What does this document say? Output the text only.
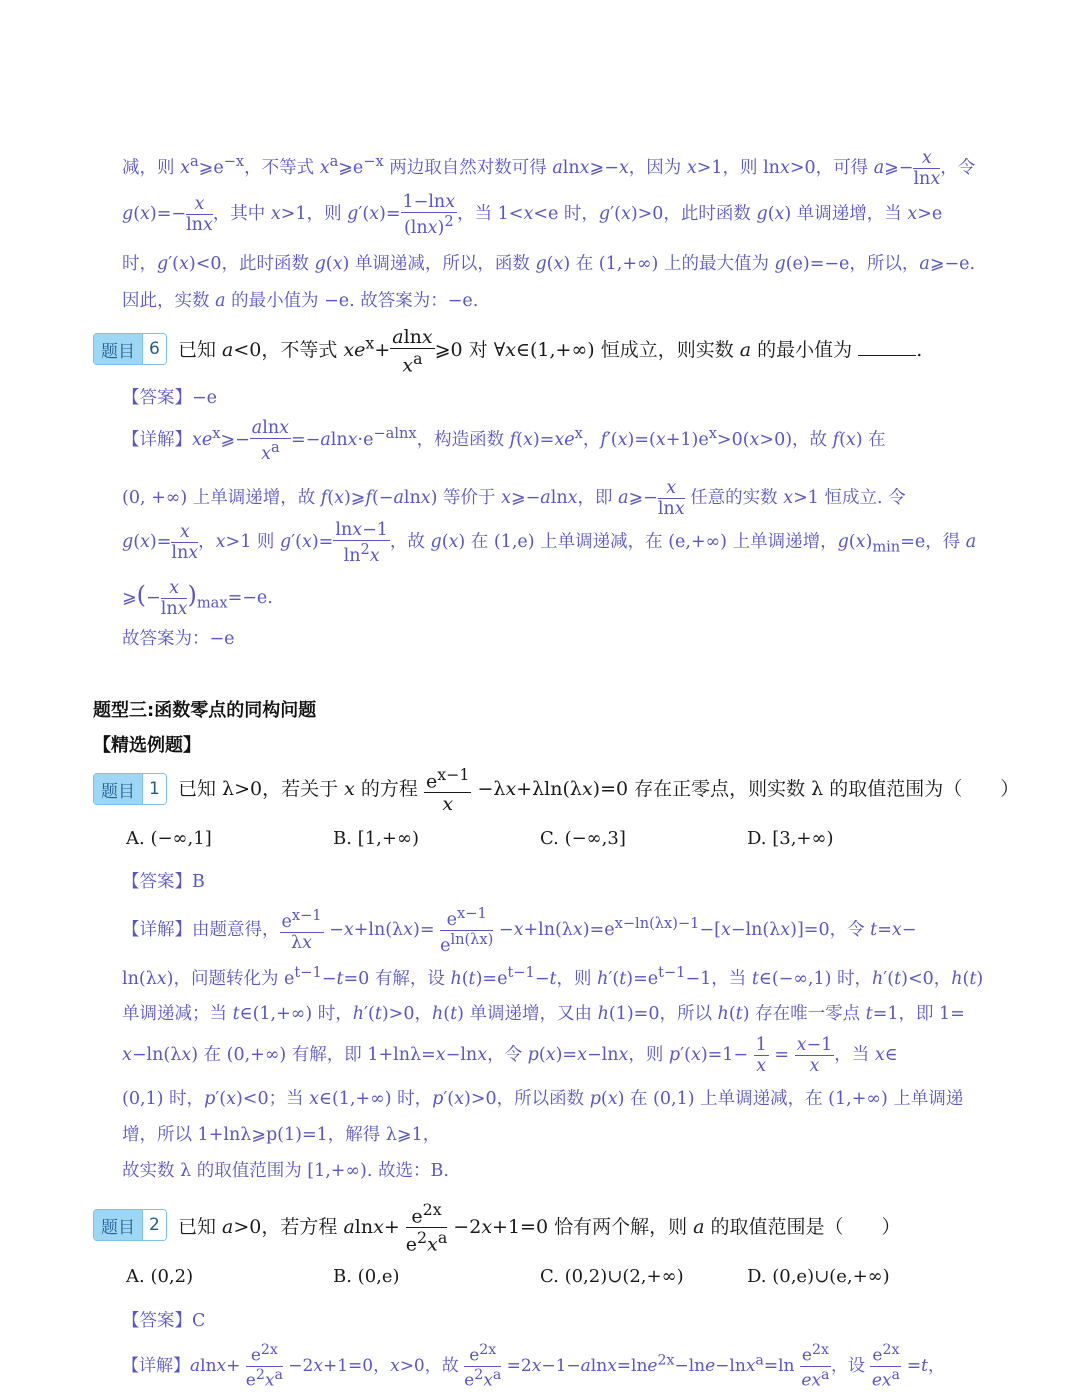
减，则 $x^a⩾e^{-x}$，不等式 $x^a⩾e^{-x}$ 两边取自然对数可得 alnx⩾−x，因为 x>1，则 lnx>0，可得 a⩾− $\frac{x}{\ln x}$ ，令
$g(x)=- \frac{x}{\ln x}$ ，其中 x>1，则 $g'(x)= \frac{1-\ln x}{(\ln x)^2}$ ，当 1<x<e 时，g′(x)>0，此时函数 g(x) 单调递增，当 x>e
时，g′(x)<0，此时函数 g(x) 单调递减，所以，函数 g(x) 在 (1,+∞) 上的最大值为 g(e)=−e，所以，a⩾−e.
因此，实数 a 的最小值为 −e. 故答案为：−e.
题目 6 已知 a<0，不等式 $xe^x+ \frac{alnx}{x^a}$ ⩾0 对 ∀x∈(1,+∞) 恒成立，则实数 a 的最小值为	.
【答案】−e
【详解】$xe^x⩾- \frac{alnx}{x^a} =-alnx\cdot e^{-alnx}$，构造函数 $f(x)=xe^x$，$f'(x)=(x+1)e^x>0(x>0)$，故 f(x) 在
(0, +∞) 上单调递增，故 f(x)⩾f(−alnx) 等价于 x⩾−alnx，即 a⩾− $\frac{x}{\ln x}$ 任意的实数 x>1 恒成立. 令
$g(x)= \frac{x}{\ln x}$ ，x>1 则 $g'(x)= \frac{\ln x-1}{\ln^2x}$ ，故 g(x) 在 (1,e) 上单调递减，在 (e,+∞) 上单调递增，$g(x)_{min}=e$，得 a
⩾(− $\frac{x}{\ln x} )_{max}=-e$.
故答案为：−e
题型三:函数零点的同构问题
【精选例题】
题目 1 已知 λ>0，若关于 x 的方程 $\frac{e^{x-1}}{x} -\lambda x+\lambda\ln(\lambda x)=0$ 存在正零点，则实数 λ 的取值范围为（　　）
A. (−∞,1]	B. [1,+∞)	C. (−∞,3]	D. [3,+∞)
【答案】B
【详解】由题意得， $\frac{e^{x-1}}{\lambda x} -x+\ln(\lambda x)= \frac{e^{x-1}}{e^{ln(\lambda x)}} -x+\ln(\lambda x)=e^{x-ln(\lambda x)-1}-[x-\ln(\lambda x)]=0$，令 t=x−
ln(λx)，问题转化为 $e^{t-1}-t=0$ 有解，设 $h(t)=e^{t-1}-t$，则 $h'(t)=e^{t-1}-1$，当 t∈(−∞,1) 时，h′(t)<0，h(t)
单调递减；当 t∈(1,+∞) 时，h′(t)>0，h(t) 单调递增，又由 h(1)=0，所以 h(t) 存在唯一零点 t=1，即 1=
x−ln(λx) 在 (0,+∞) 有解，即 1+lnλ=x−lnx，令 p(x)=x−lnx，则 $p'(x)=1- \frac{1}{x} = \frac{x-1}{x}$ ，当 x∈
(0,1) 时，p′(x)<0；当 x∈(1,+∞) 时，p′(x)>0，所以函数 p(x) 在 (0,1) 上单调递减，在 (1,+∞) 上单调递
增，所以 1+lnλ⩾p(1)=1，解得 λ⩾1，
故实数 λ 的取值范围为 [1,+∞). 故选：B.
题目 2 已知 a>0，若方程 $alnx+ \frac{e^{2x}}{e^2x^a} -2x+1=0$ 恰有两个解，则 a 的取值范围是（　　）
A. (0,2)	B. (0,e)	C. (0,2)∪(2,+∞)	D. (0,e)∪(e,+∞)
【答案】C
【详解】$alnx+ \frac{e^{2x}}{e^2x^a} -2x+1=0$，x>0，故 $\frac{e^{2x}}{e^2x^a} =2x-1-alnx=\ln e^{2x}-\ln e-\ln x^a=\ln$ $e^{2x}$
$ex^a$ ，设 $e^{2x}$
$ex^a =t$，
